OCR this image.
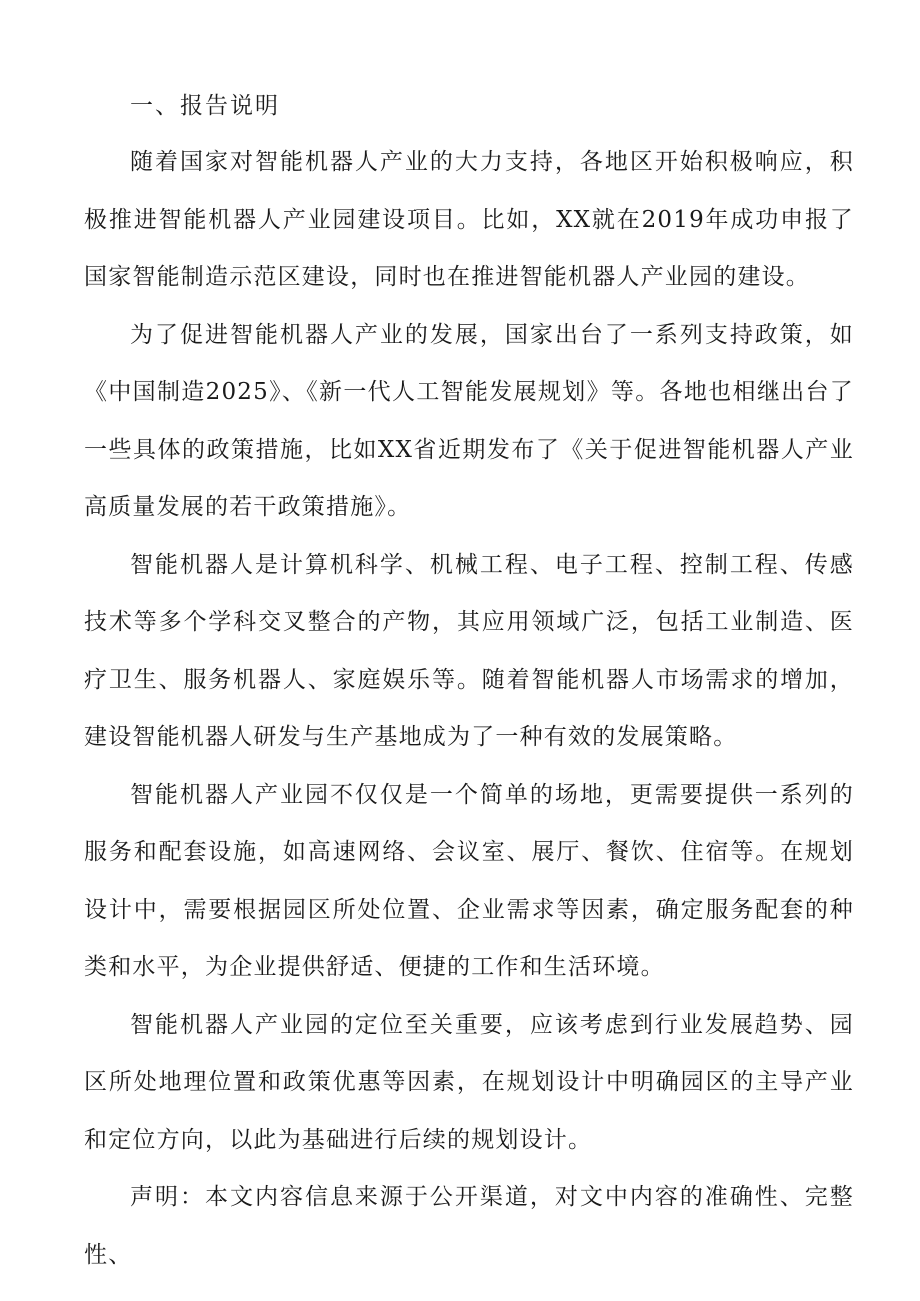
一、报告说明

随着国家对智能机器人产业的大力支持，各地区开始积极响应，积极推进智能机器人产业园建设项目。比如，XX就在2019年成功申报了国家智能制造示范区建设，同时也在推进智能机器人产业园的建设。

为了促进智能机器人产业的发展，国家出台了一系列支持政策，如《中国制造2025》、《新一代人工智能发展规划》等。各地也相继出台了一些具体的政策措施，比如XX省近期发布了《关于促进智能机器人产业高质量发展的若干政策措施》。

智能机器人是计算机科学、机械工程、电子工程、控制工程、传感技术等多个学科交叉整合的产物，其应用领域广泛，包括工业制造、医疗卫生、服务机器人、家庭娱乐等。随着智能机器人市场需求的增加，建设智能机器人研发与生产基地成为了一种有效的发展策略。

智能机器人产业园不仅仅是一个简单的场地，更需要提供一系列的服务和配套设施，如高速网络、会议室、展厅、餐饮、住宿等。在规划设计中，需要根据园区所处位置、企业需求等因素，确定服务配套的种类和水平，为企业提供舒适、便捷的工作和生活环境。

智能机器人产业园的定位至关重要，应该考虑到行业发展趋势、园区所处地理位置和政策优惠等因素，在规划设计中明确园区的主导产业和定位方向，以此为基础进行后续的规划设计。

声明：本文内容信息来源于公开渠道，对文中内容的准确性、完整性、
